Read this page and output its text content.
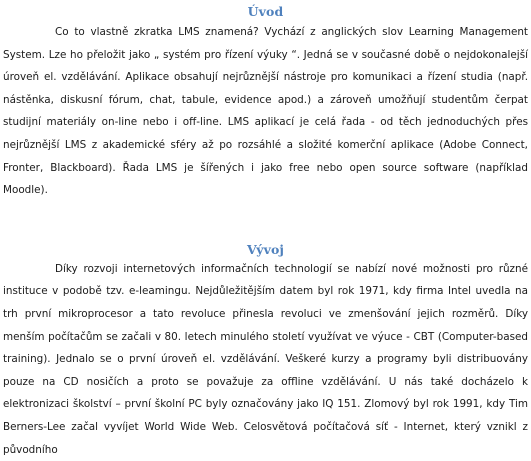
Úvod

Co to vlastně zkratka LMS znamená? Vychází z anglických slov Learning Management System. Lze ho přeložit jako „ systém pro řízení výuky “. Jedná se v současné době o nejdokonalejší úroveň el. vzdělávání. Aplikace obsahují nejrůznější nástroje pro komunikaci a řízení studia (např. nástěnka, diskusní fórum, chat, tabule, evidence apod.) a zároveň umožňují studentům čerpat studijní materiály on-line nebo i off-line. LMS aplikací je celá řada - od těch jednoduchých přes nejrůznější LMS z akademické sféry až po rozsáhlé a složité komerční aplikace (Adobe Connect, Fronter, Blackboard). Řada LMS je šířených i jako free nebo open source software (například Moodle).

Vývoj

Díky rozvoji internetových informačních technologií se nabízí nové možnosti pro různé instituce v podobě tzv. e-leamingu. Nejdůležitějším datem byl rok 1971, kdy firma Intel uvedla na trh první mikroprocesor a tato revoluce přinesla revoluci ve zmenšování jejich rozměrů. Díky menším počítačům se začali v 80. letech minulého století využívat ve výuce - CBT (Computer-based training). Jednalo se o první úroveň el. vzdělávání. Veškeré kurzy a programy byli distribuovány pouze na CD nosičích a proto se považuje za offline vzdělávání. U nás také docházelo k elektronizaci školství – první školní PC byly označovány jako IQ 151. Zlomový byl rok 1991, kdy Tim Berners-Lee začal vyvíjet World Wide Web. Celosvětová počítačová síť - Internet, který vznikl z původního
